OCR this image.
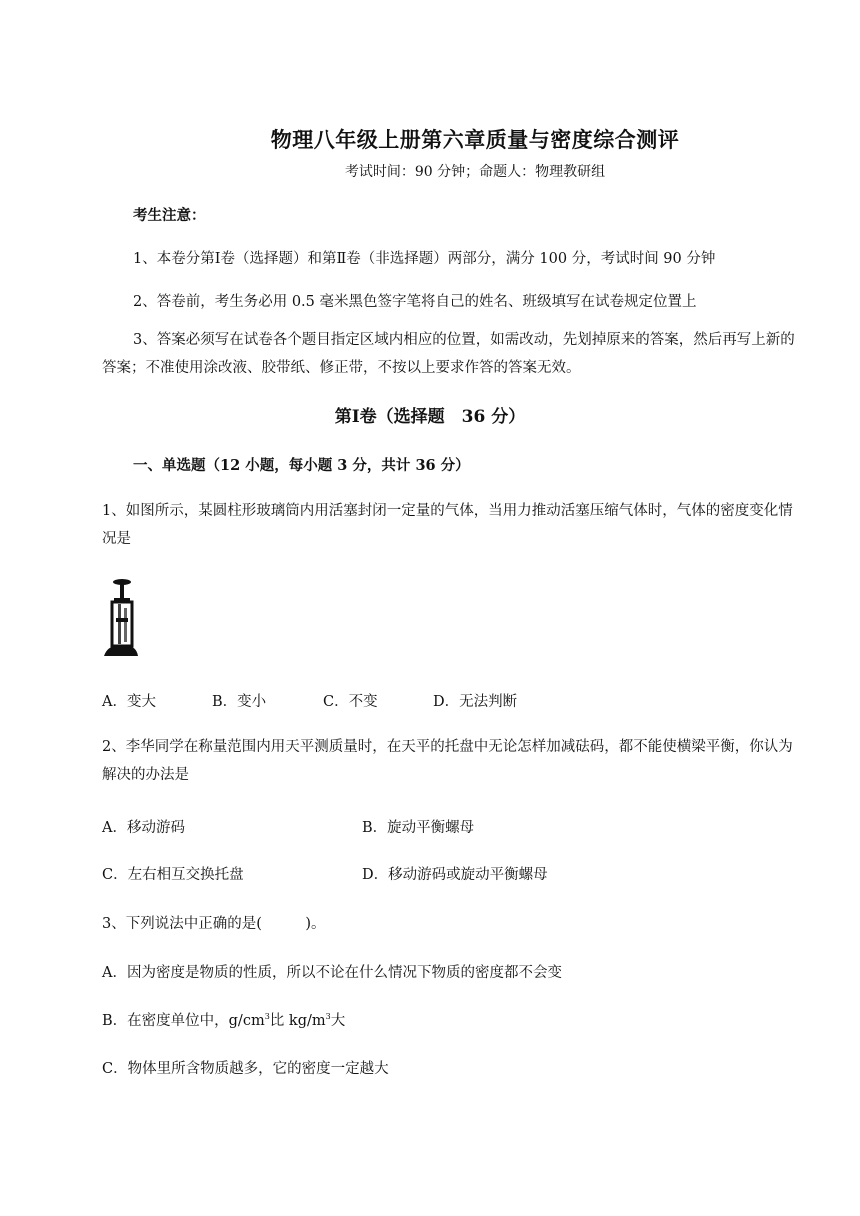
物理八年级上册第六章质量与密度综合测评
考试时间：90 分钟；命题人：物理教研组
考生注意：
1、本卷分第Ⅰ卷（选择题）和第Ⅱ卷（非选择题）两部分，满分 100 分，考试时间 90 分钟
2、答卷前，考生务必用 0.5 毫米黑色签字笔将自己的姓名、班级填写在试卷规定位置上
3、答案必须写在试卷各个题目指定区域内相应的位置，如需改动，先划掉原来的答案，然后再写上新的答案；不准使用涂改液、胶带纸、修正带，不按以上要求作答的答案无效。
第Ⅰ卷（选择题　36 分）
一、单选题（12 小题，每小题 3 分，共计 36 分）
1、如图所示，某圆柱形玻璃筒内用活塞封闭一定量的气体，当用力推动活塞压缩气体时，气体的密度变化情况是
A．变大	B．变小	C．不变	D．无法判断
2、李华同学在称量范围内用天平测质量时，在天平的托盘中无论怎样加减砝码，都不能使横梁平衡，你认为解决的办法是
A．移动游码	B．旋动平衡螺母
C．左右相互交换托盘	D．移动游码或旋动平衡螺母
3、下列说法中正确的是(　　　)。
A．因为密度是物质的性质，所以不论在什么情况下物质的密度都不会变
B．在密度单位中，$g/cm^3$比 $kg/m^3$大
C．物体里所含物质越多，它的密度一定越大
